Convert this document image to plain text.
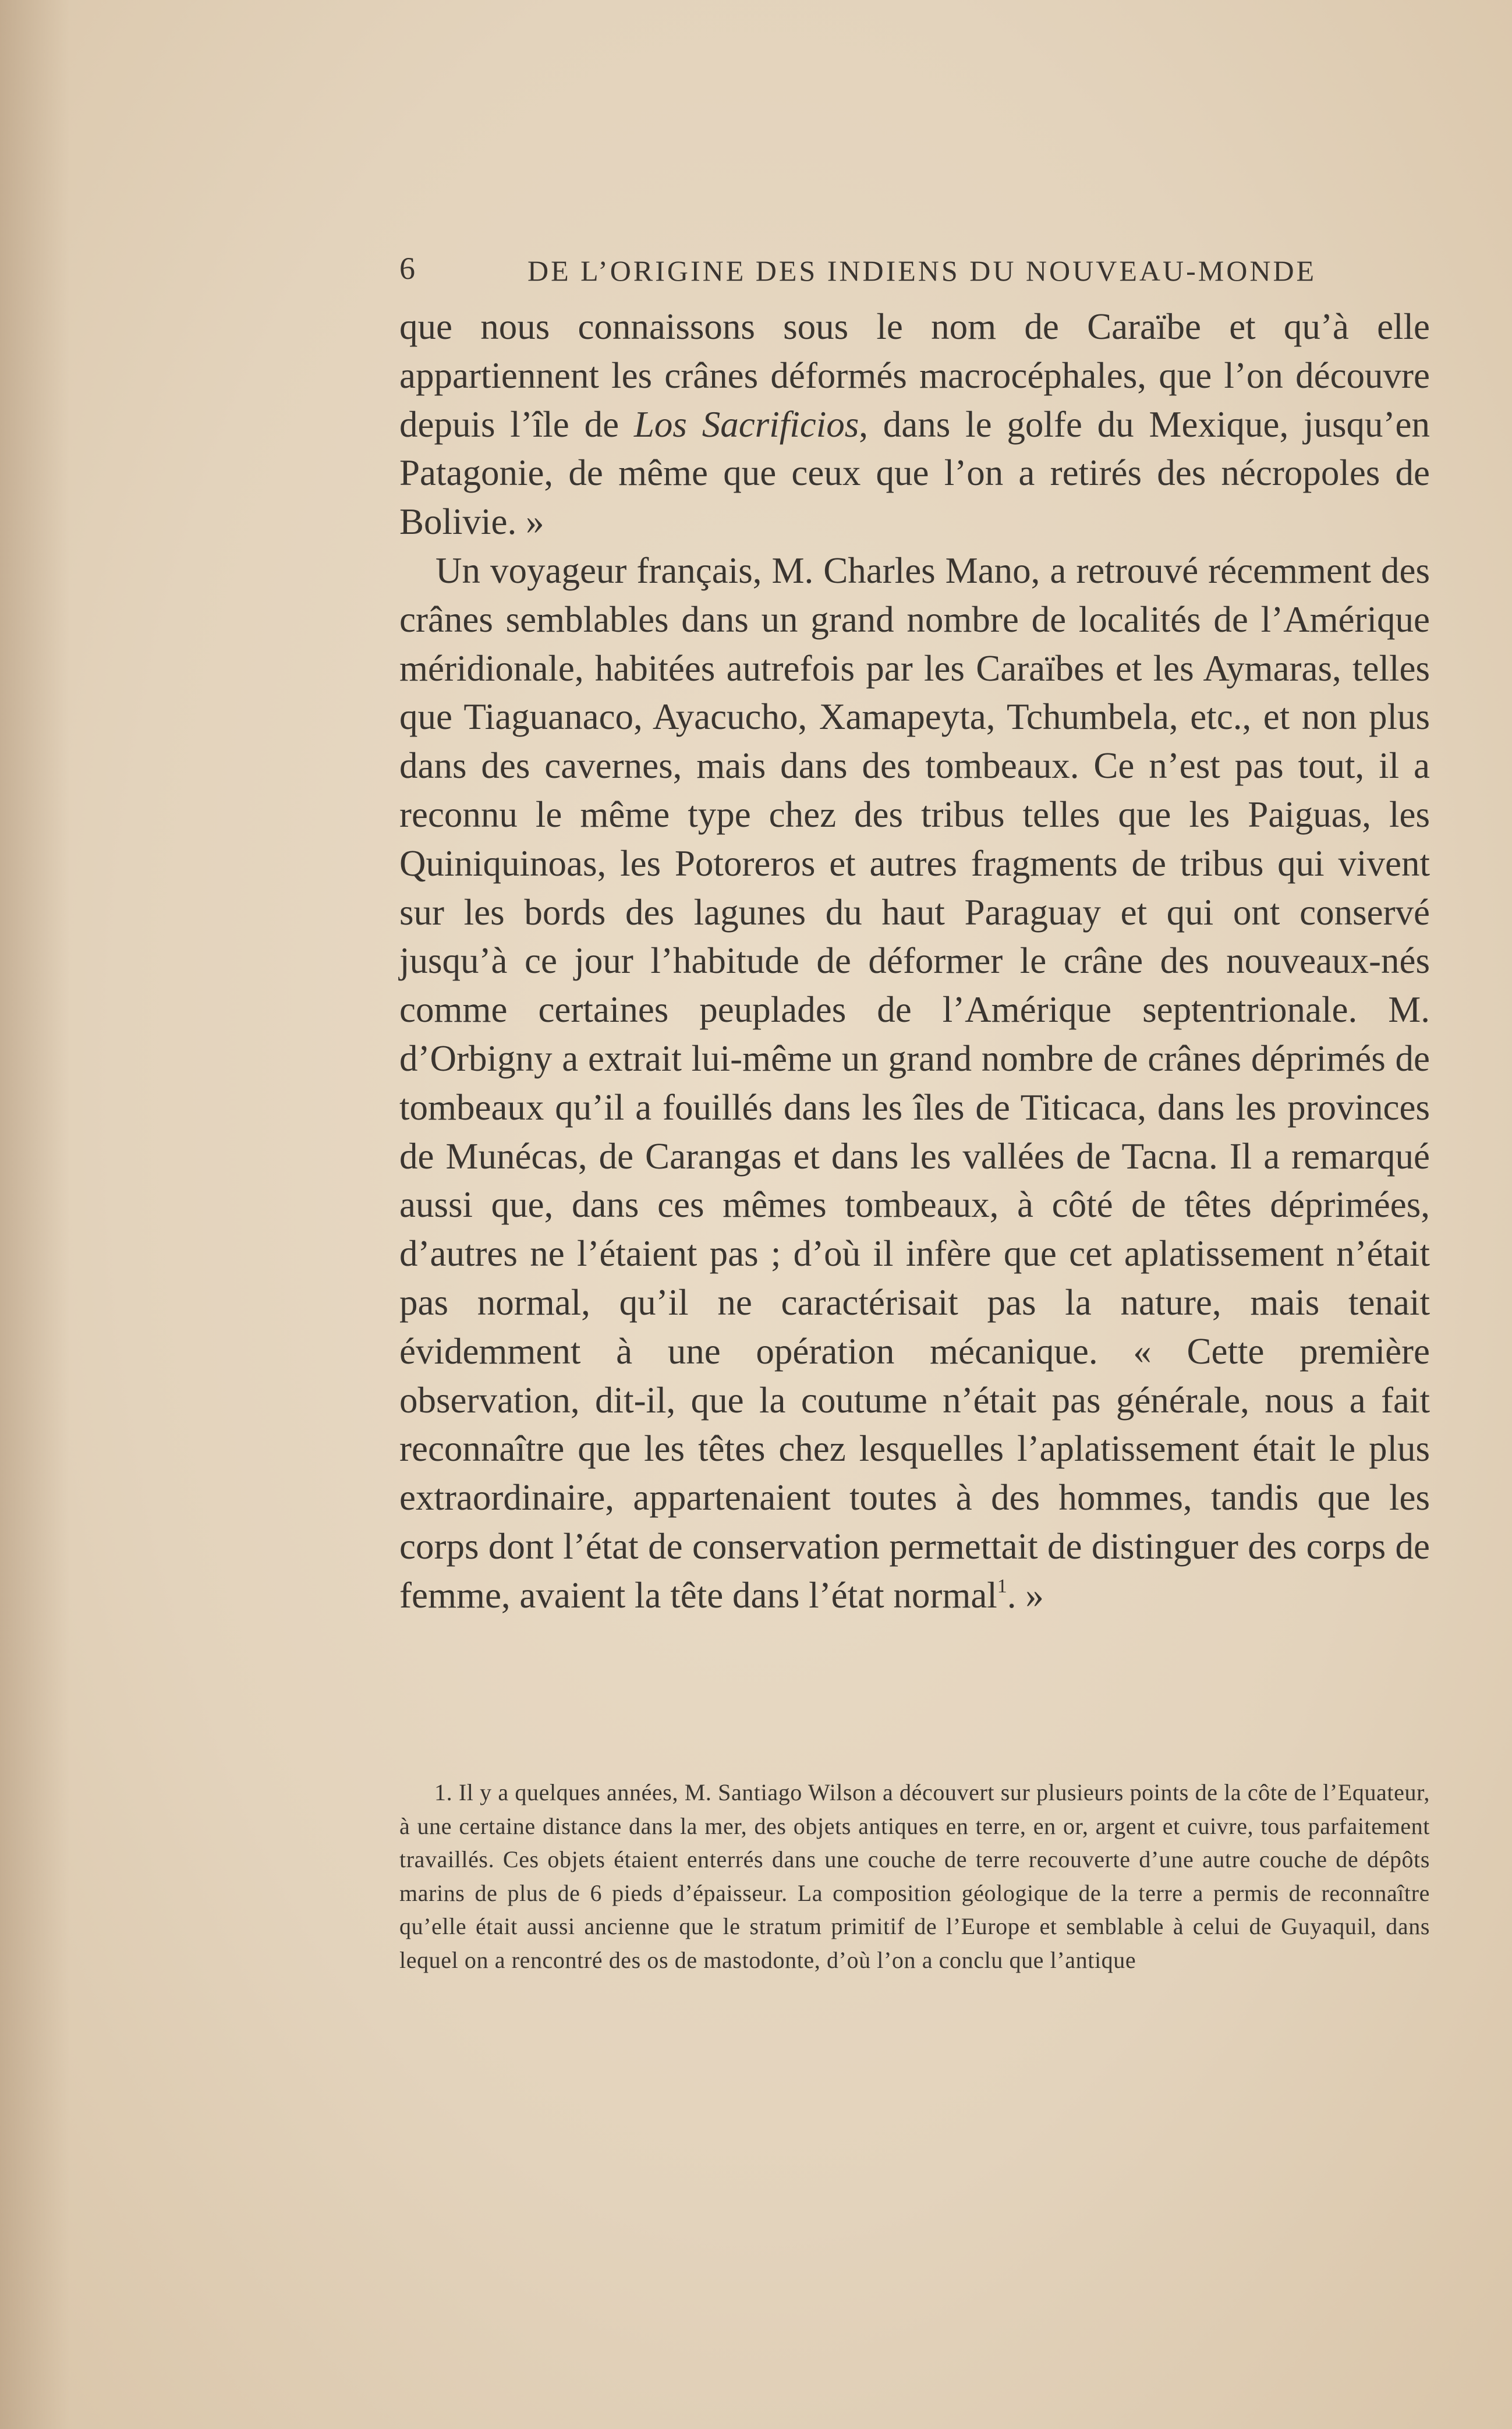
6	DE L’ORIGINE DES INDIENS DU NOUVEAU-MONDE

que nous connaissons sous le nom de Caraïbe et qu’à elle appartiennent les crânes déformés macrocéphales, que l’on découvre depuis l’île de Los Sacrificios, dans le golfe du Mexique, jusqu’en Patagonie, de même que ceux que l’on a retirés des nécropoles de Bolivie. »

Un voyageur français, M. Charles Mano, a retrouvé récemment des crânes semblables dans un grand nombre de localités de l’Amérique méridionale, habitées autrefois par les Caraïbes et les Aymaras, telles que Tiaguanaco, Ayacucho, Xamapeyta, Tchumbela, etc., et non plus dans des cavernes, mais dans des tombeaux. Ce n’est pas tout, il a reconnu le même type chez des tribus telles que les Paiguas, les Quiniquinoas, les Potoreros et autres fragments de tribus qui vivent sur les bords des lagunes du haut Paraguay et qui ont conservé jusqu’à ce jour l’habitude de déformer le crâne des nouveaux-nés comme certaines peuplades de l’Amérique septentrionale. M. d’Orbigny a extrait lui-même un grand nombre de crânes déprimés de tombeaux qu’il a fouillés dans les îles de Titicaca, dans les provinces de Munécas, de Carangas et dans les vallées de Tacna. Il a remarqué aussi que, dans ces mêmes tombeaux, à côté de têtes déprimées, d’autres ne l’étaient pas ; d’où il infère que cet aplatissement n’était pas normal, qu’il ne caractérisait pas la nature, mais tenait évidemment à une opération mécanique. « Cette première observation, dit-il, que la coutume n’était pas générale, nous a fait reconnaître que les têtes chez lesquelles l’aplatissement était le plus extraordinaire, appartenaient toutes à des hommes, tandis que les corps dont l’état de conservation permettait de distinguer des corps de femme, avaient la tête dans l’état normal$^1$. »

1. Il y a quelques années, M. Santiago Wilson a découvert sur plusieurs points de la côte de l’Equateur, à une certaine distance dans la mer, des objets antiques en terre, en or, argent et cuivre, tous parfaitement travaillés. Ces objets étaient enterrés dans une couche de terre recouverte d’une autre couche de dépôts marins de plus de 6 pieds d’épaisseur. La composition géologique de la terre a permis de reconnaître qu’elle était aussi ancienne que le stratum primitif de l’Europe et semblable à celui de Guyaquil, dans lequel on a rencontré des os de mastodonte, d’où l’on a conclu que l’antique
